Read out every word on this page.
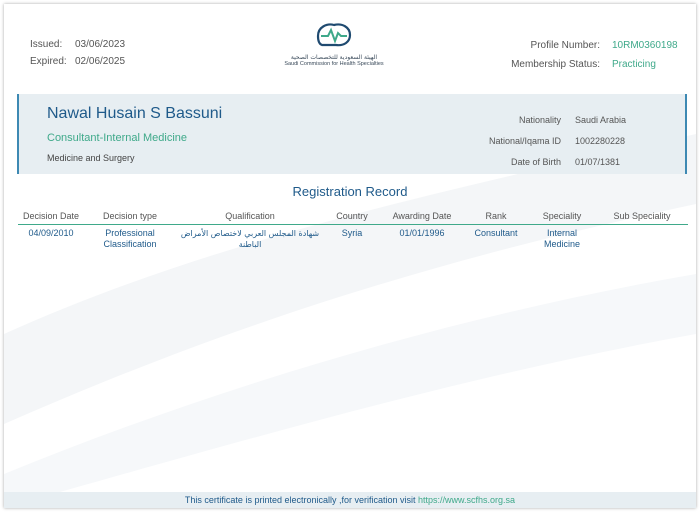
Issued:	03/06/2023
Expired: 02/06/2025	الهيئة السعودية للتخصصات الصحية
Saudi Commission for Health Specialties
Profile Number: 10RM0360198
Membership Status: Practicing
Nawal Husain S Bassuni
Consultant-Internal Medicine
Medicine and Surgery
Nationality Saudi Arabia
National/Iqama ID 1002280228
Date of Birth 01/07/1381
Registration Record
Decision Date	Decision type	Qualification	Country	Awarding Date	Rank	Speciality	Sub Speciality
04/09/2010	Professional Classification	شهادة المجلس العربي لاختصاص الأمراض الباطنة	Syria	01/01/1996	Consultant	Internal Medicine	
This certificate is printed electronically ,for verification visit https://www.scfhs.org.sa
